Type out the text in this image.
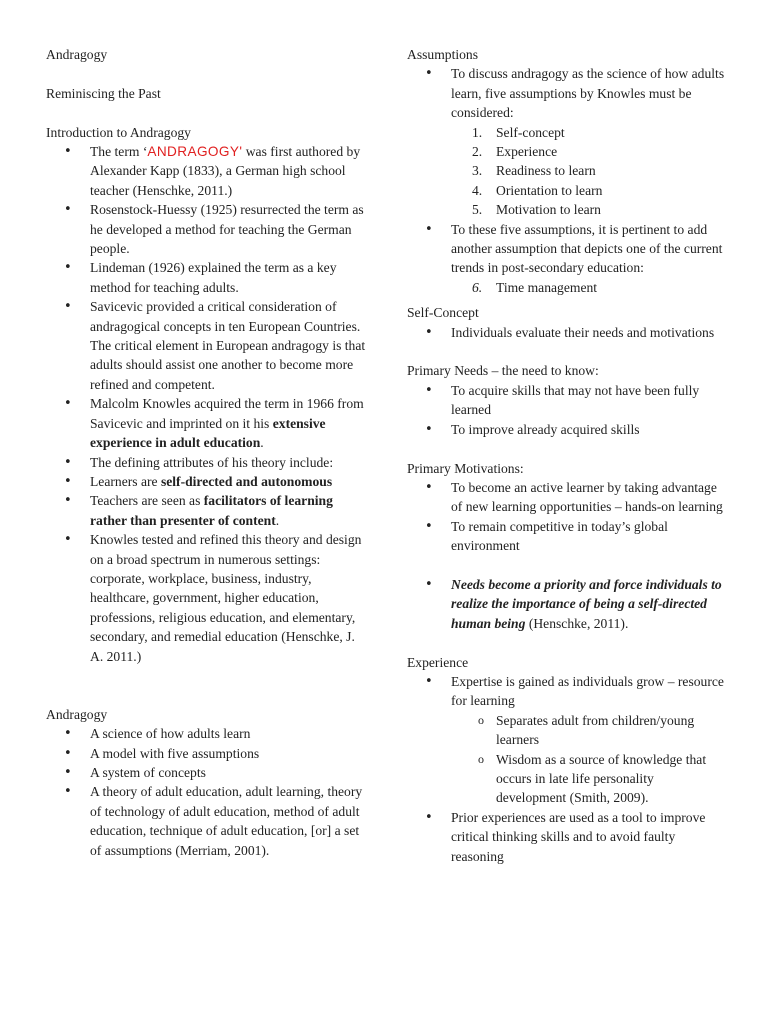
Andragogy

Reminiscing the Past

Introduction to Andragogy

• The term ‘ANDRAGOGY' was first authored by Alexander Kapp (1833), a German high school teacher (Henschke, 2011.)
• Rosenstock-Huessy (1925) resurrected the term as he developed a method for teaching the German people.
• Lindeman (1926) explained the term as a key method for teaching adults.
• Savicevic provided a critical consideration of andragogical concepts in ten European Countries. The critical element in European andragogy is that adults should assist one another to become more refined and competent.
• Malcolm Knowles acquired the term in 1966 from Savicevic and imprinted on it his extensive experience in adult education.
• The defining attributes of his theory include:
• Learners are self-directed and autonomous
• Teachers are seen as facilitators of learning rather than presenter of content.
• Knowles tested and refined this theory and design on a broad spectrum in numerous settings: corporate, workplace, business, industry, healthcare, government, higher education, professions, religious education, and elementary, secondary, and remedial education (Henschke, J. A. 2011.)

Andragogy

• A science of how adults learn
• A model with five assumptions
• A system of concepts
• A theory of adult education, adult learning, theory of technology of adult education, method of adult education, technique of adult education, [or] a set of assumptions (Merriam, 2001).

Assumptions

• To discuss andragogy as the science of how adults learn, five assumptions by Knowles must be considered:
1. Self-concept
2. Experience
3. Readiness to learn
4. Orientation to learn
5. Motivation to learn
• To these five assumptions, it is pertinent to add another assumption that depicts one of the current trends in post-secondary education:
6. Time management

Self-Concept

• Individuals evaluate their needs and motivations

Primary Needs – the need to know:

• To acquire skills that may not have been fully learned
• To improve already acquired skills

Primary Motivations:

• To become an active learner by taking advantage of new learning opportunities – hands-on learning
• To remain competitive in today’s global environment
• Needs become a priority and force individuals to realize the importance of being a self-directed human being (Henschke, 2011).

Experience

• Expertise is gained as individuals grow – resource for learning
o Separates adult from children/young learners
o Wisdom as a source of knowledge that occurs in late life personality development (Smith, 2009).
• Prior experiences are used as a tool to improve critical thinking skills and to avoid faulty reasoning
